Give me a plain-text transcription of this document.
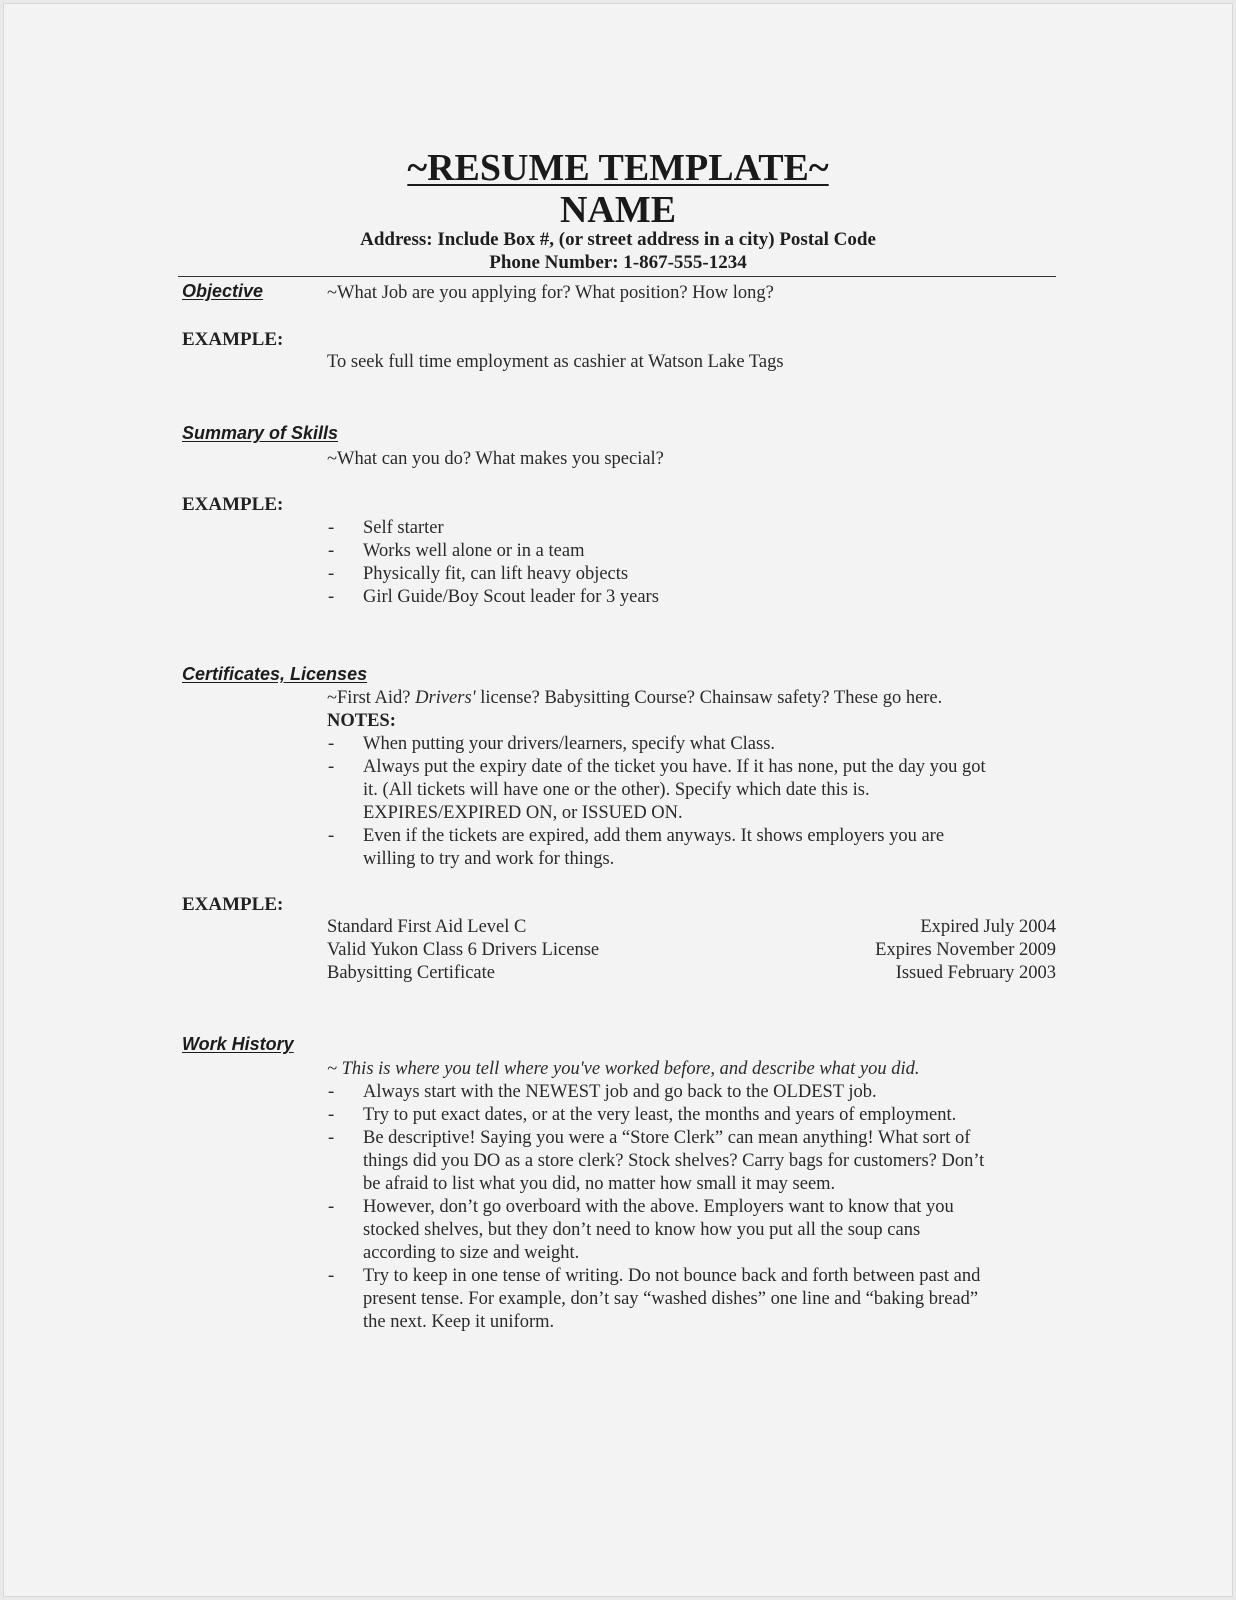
~RESUME TEMPLATE~
NAME
Address: Include Box #, (or street address in a city) Postal Code
Phone Number: 1-867-555-1234
Objective	~What Job are you applying for? What position? How long?
EXAMPLE:
To seek full time employment as cashier at Watson Lake Tags
Summary of Skills
~What can you do? What makes you special?
EXAMPLE:
- Self starter
- Works well alone or in a team
- Physically fit, can lift heavy objects
- Girl Guide/Boy Scout leader for 3 years
Certificates, Licenses
~First Aid? Drivers' license? Babysitting Course? Chainsaw safety? These go here.
NOTES:
- When putting your drivers/learners, specify what Class.
- Always put the expiry date of the ticket you have. If it has none, put the day you got
it. (All tickets will have one or the other). Specify which date this is.
EXPIRES/EXPIRED ON, or ISSUED ON.
- Even if the tickets are expired, add them anyways. It shows employers you are
willing to try and work for things.
EXAMPLE:
Standard First Aid Level C	Expired July 2004
Valid Yukon Class 6 Drivers License	Expires November 2009
Babysitting Certificate	Issued February 2003
Work History
~ This is where you tell where you've worked before, and describe what you did.
- Always start with the NEWEST job and go back to the OLDEST job.
- Try to put exact dates, or at the very least, the months and years of employment.
- Be descriptive! Saying you were a “Store Clerk” can mean anything! What sort of
things did you DO as a store clerk? Stock shelves? Carry bags for customers? Don’t
be afraid to list what you did, no matter how small it may seem.
- However, don’t go overboard with the above. Employers want to know that you
stocked shelves, but they don’t need to know how you put all the soup cans
according to size and weight.
- Try to keep in one tense of writing. Do not bounce back and forth between past and
present tense. For example, don’t say “washed dishes” one line and “baking bread”
the next. Keep it uniform.
